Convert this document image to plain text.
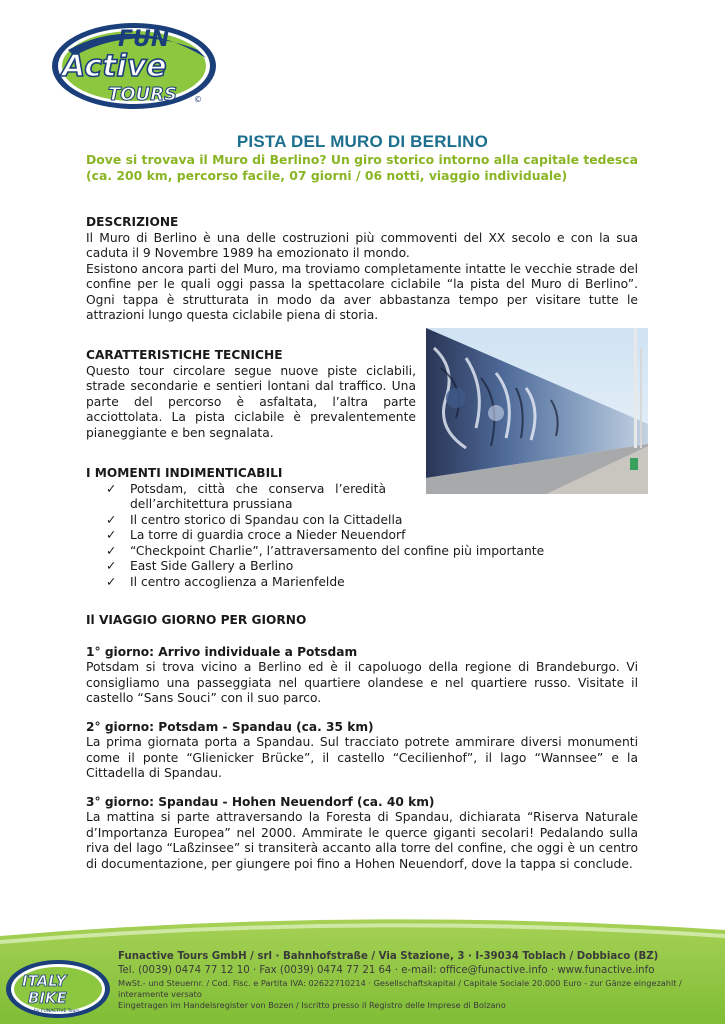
FUN
Active
TOURS ©
PISTA DEL MURO DI BERLINO
Dove si trovava il Muro di Berlino? Un giro storico intorno alla capitale tedesca (ca. 200 km, percorso facile, 07 giorni / 06 notti, viaggio individuale)

DESCRIZIONE

Il Muro di Berlino è una delle costruzioni più commoventi del XX secolo e con la sua caduta il 9 Novembre 1989 ha emozionato il mondo.

Esistono ancora parti del Muro, ma troviamo completamente intatte le vecchie strade del confine per le quali oggi passa la spettacolare ciclabile “la pista del Muro di Berlino”. Ogni tappa è strutturata in modo da aver abbastanza tempo per visitare tutte le attrazioni lungo questa ciclabile piena di storia.

CARATTERISTICHE TECNICHE

Questo tour circolare segue nuove piste ciclabili, strade secondarie e sentieri lontani dal traffico. Una parte del percorso è asfaltata, l’altra parte acciottolata. La pista ciclabile è prevalentemente pianeggiante e ben segnalata.

I MOMENTI INDIMENTICABILI

✓ Potsdam, città che conserva l’eredità dell’architettura prussiana
✓ Il centro storico di Spandau con la Cittadella
✓ La torre di guardia croce a Nieder Neuendorf
✓ “Checkpoint Charlie”, l’attraversamento del confine più importante
✓ East Side Gallery a Berlino
✓ Il centro accoglienza a Marienfelde

Il VIAGGIO GIORNO PER GIORNO

1° giorno: Arrivo individuale a Potsdam

Potsdam si trova vicino a Berlino ed è il capoluogo della regione di Brandeburgo. Vi consigliamo una passeggiata nel quartiere olandese e nel quartiere russo. Visitate il castello “Sans Souci” con il suo parco.

2° giorno: Potsdam - Spandau (ca. 35 km)

La prima giornata porta a Spandau. Sul tracciato potrete ammirare diversi monumenti come il ponte “Glienicker Brücke”, il castello “Cecilienhof”, il lago “Wannsee” e la Cittadella di Spandau.

3° giorno: Spandau - Hohen Neuendorf (ca. 40 km)

La mattina si parte attraversando la Foresta di Spandau, dichiarata “Riserva Naturale d’Importanza Europea” nel 2000. Ammirate le querce giganti secolari! Pedalando sulla riva del lago “Laßzinsee” si transiterà accanto alla torre del confine, che oggi è un centro di documentazione, per giungere poi fino a Hohen Neuendorf, dove la tappa si conclude.

ITALY
BIKE
by FUNACTIVE Tours

Funactive Tours GmbH / srl · Bahnhofstraße / Via Stazione, 3 · I-39034 Toblach / Dobbiaco (BZ)

Tel. (0039) 0474 77 12 10 · Fax (0039) 0474 77 21 64 · e-mail: office@funactive.info · www.funactive.info

MwSt.- und Steuernr. / Cod. Fisc. e Partita IVA: 02622710214 · Gesellschaftskapital / Capitale Sociale 20.000 Euro - zur Gänze eingezahlt / interamente versato

Eingetragen im Handelsregister von Bozen / Iscritto presso il Registro delle Imprese di Bolzano
